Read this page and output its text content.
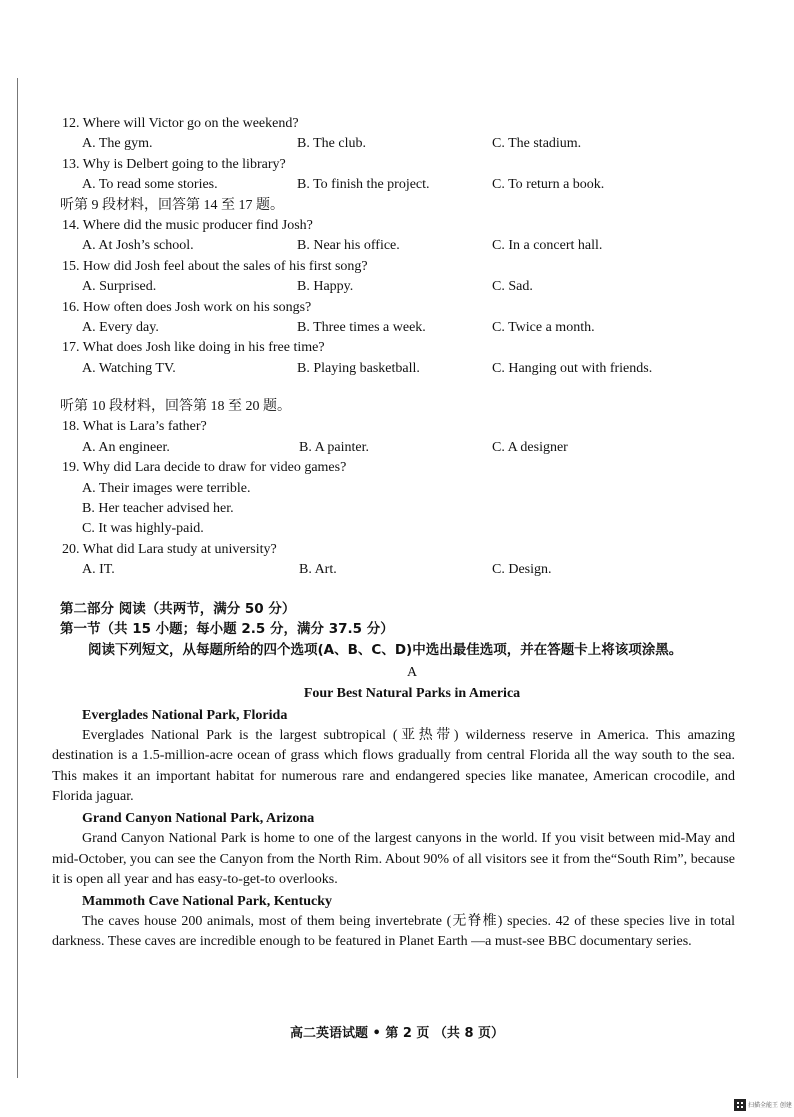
12. Where will Victor go on the weekend?
A. The gym.	B. The club.	C. The stadium.
13. Why is Delbert going to the library?
A. To read some stories.	B. To finish the project.	C. To return a book.
听第 9 段材料，回答第 14 至 17 题。
14. Where did the music producer find Josh?
A. At Josh’s school.	B. Near his office.	C. In a concert hall.
15. How did Josh feel about the sales of his first song?
A. Surprised.	B. Happy.	C. Sad.
16. How often does Josh work on his songs?
A. Every day.	B. Three times a week.	C. Twice a month.
17. What does Josh like doing in his free time?
A. Watching TV.	B. Playing basketball.	C. Hanging out with friends.
听第 10 段材料，回答第 18 至 20 题。
18. What is Lara’s father?
A. An engineer.	B. A painter.	C. A designer
19. Why did Lara decide to draw for video games?
A. Their images were terrible.
B. Her teacher advised her.
C. It was highly-paid.
20. What did Lara study at university?
A. IT.	B. Art.	C. Design.
第二部分 阅读（共两节，满分 50 分）
第一节（共 15 小题；每小题 2.5 分，满分 37.5 分）
阅读下列短文，从每题所给的四个选项(A、B、C、D)中选出最佳选项，并在答题卡上将该项涂黑。
A
Four Best Natural Parks in America
Everglades National Park, Florida
Everglades National Park is the largest subtropical (亚热带) wilderness reserve in America. This amazing destination is a 1.5-million-acre ocean of grass which flows gradually from central Florida all the way south to the sea. This makes it an important habitat for numerous rare and endangered species like manatee, American crocodile, and Florida jaguar.
Grand Canyon National Park, Arizona
Grand Canyon National Park is home to one of the largest canyons in the world. If you visit between mid-May and mid-October, you can see the Canyon from the North Rim. About 90% of all visitors see it from the“South Rim”, because it is open all year and has easy-to-get-to overlooks.
Mammoth Cave National Park, Kentucky
The caves house 200 animals, most of them being invertebrate (无脊椎) species. 42 of these species live in total darkness. These caves are incredible enough to be featured in Planet Earth —a must-see BBC documentary series.
高二英语试题 • 第 2 页 （共 8 页）
扫描全能王 创建
